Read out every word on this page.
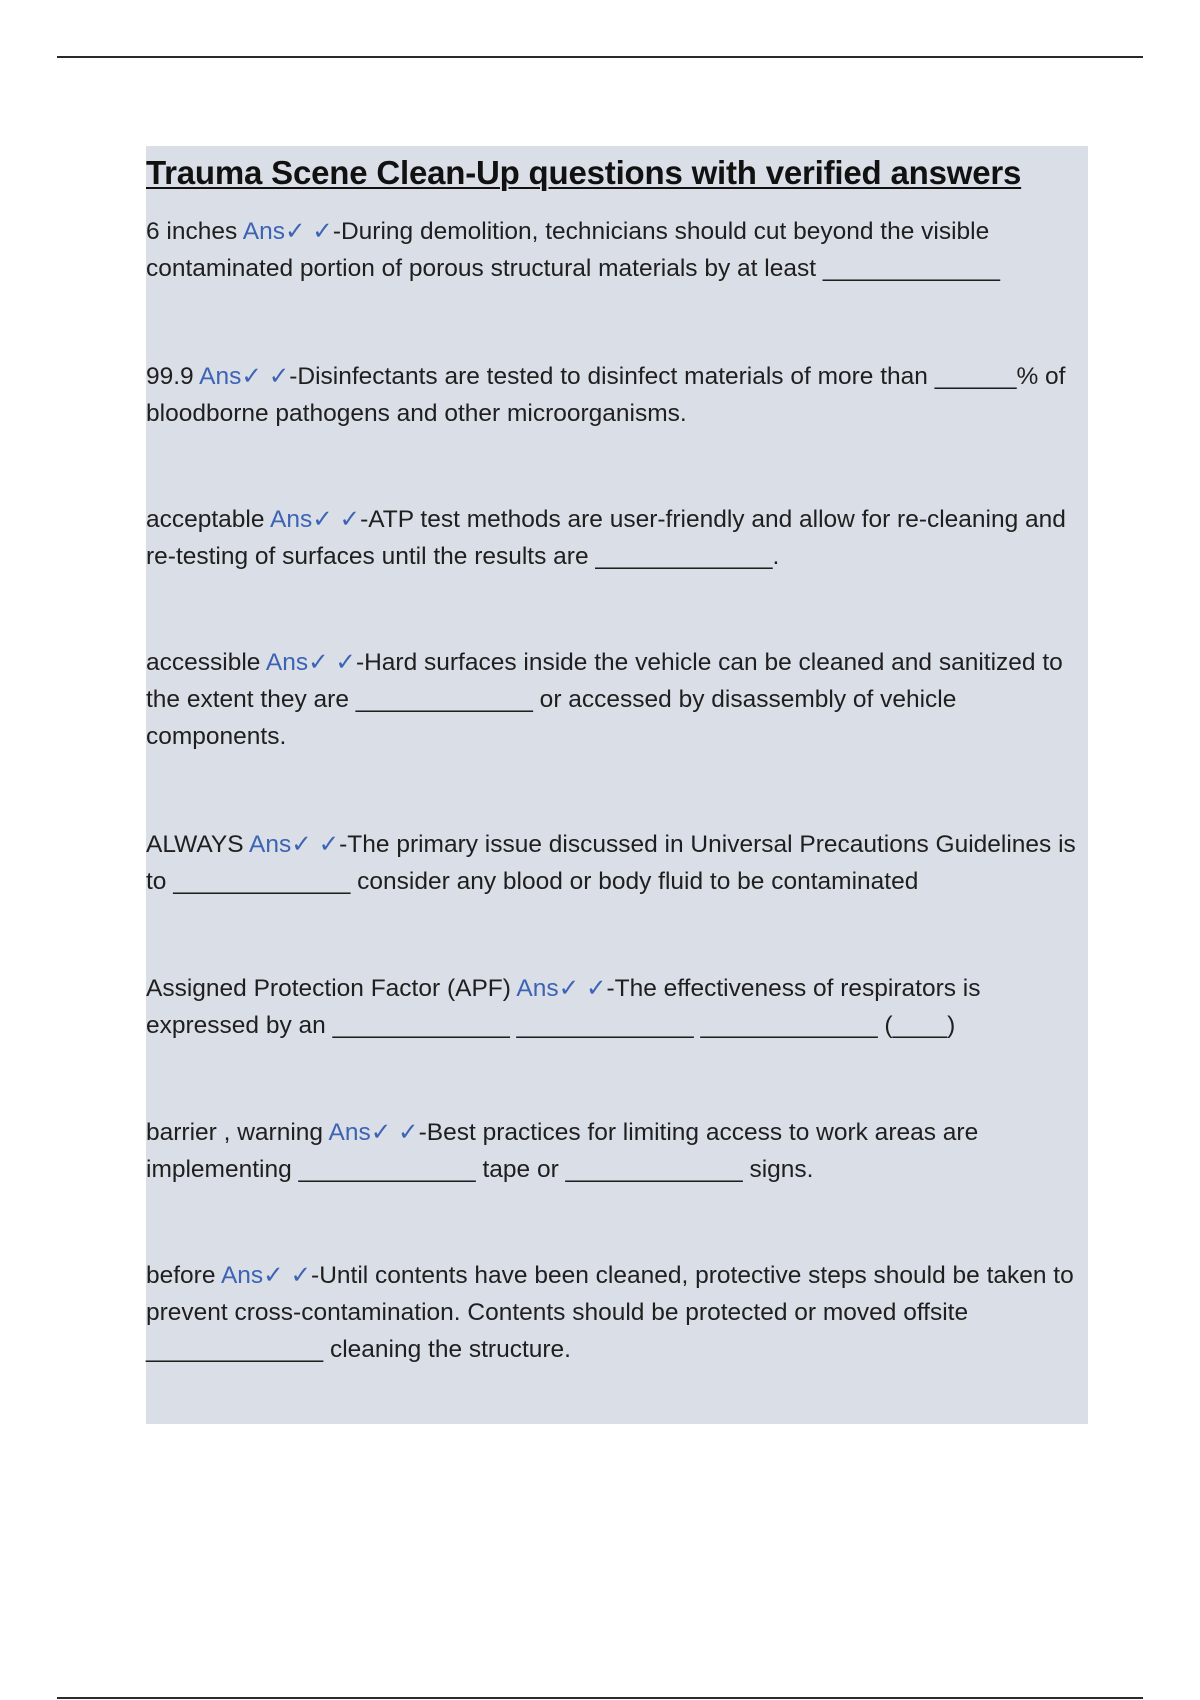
Trauma Scene Clean-Up questions with verified answers

6 inches Ans✓ ✓-During demolition, technicians should cut beyond the visible contaminated portion of porous structural materials by at least _____________

99.9 Ans✓ ✓-Disinfectants are tested to disinfect materials of more than ______% of bloodborne pathogens and other microorganisms.

acceptable Ans✓ ✓-ATP test methods are user-friendly and allow for re-cleaning and re-testing of surfaces until the results are _____________.

accessible Ans✓ ✓-Hard surfaces inside the vehicle can be cleaned and sanitized to the extent they are _____________ or accessed by disassembly of vehicle components.

ALWAYS Ans✓ ✓-The primary issue discussed in Universal Precautions Guidelines is to _____________ consider any blood or body fluid to be contaminated

Assigned Protection Factor (APF) Ans✓ ✓-The effectiveness of respirators is expressed by an _____________ _____________ _____________ (____)

barrier , warning Ans✓ ✓-Best practices for limiting access to work areas are implementing _____________ tape or _____________ signs.

before Ans✓ ✓-Until contents have been cleaned, protective steps should be taken to prevent cross-contamination. Contents should be protected or moved offsite _____________ cleaning the structure.
